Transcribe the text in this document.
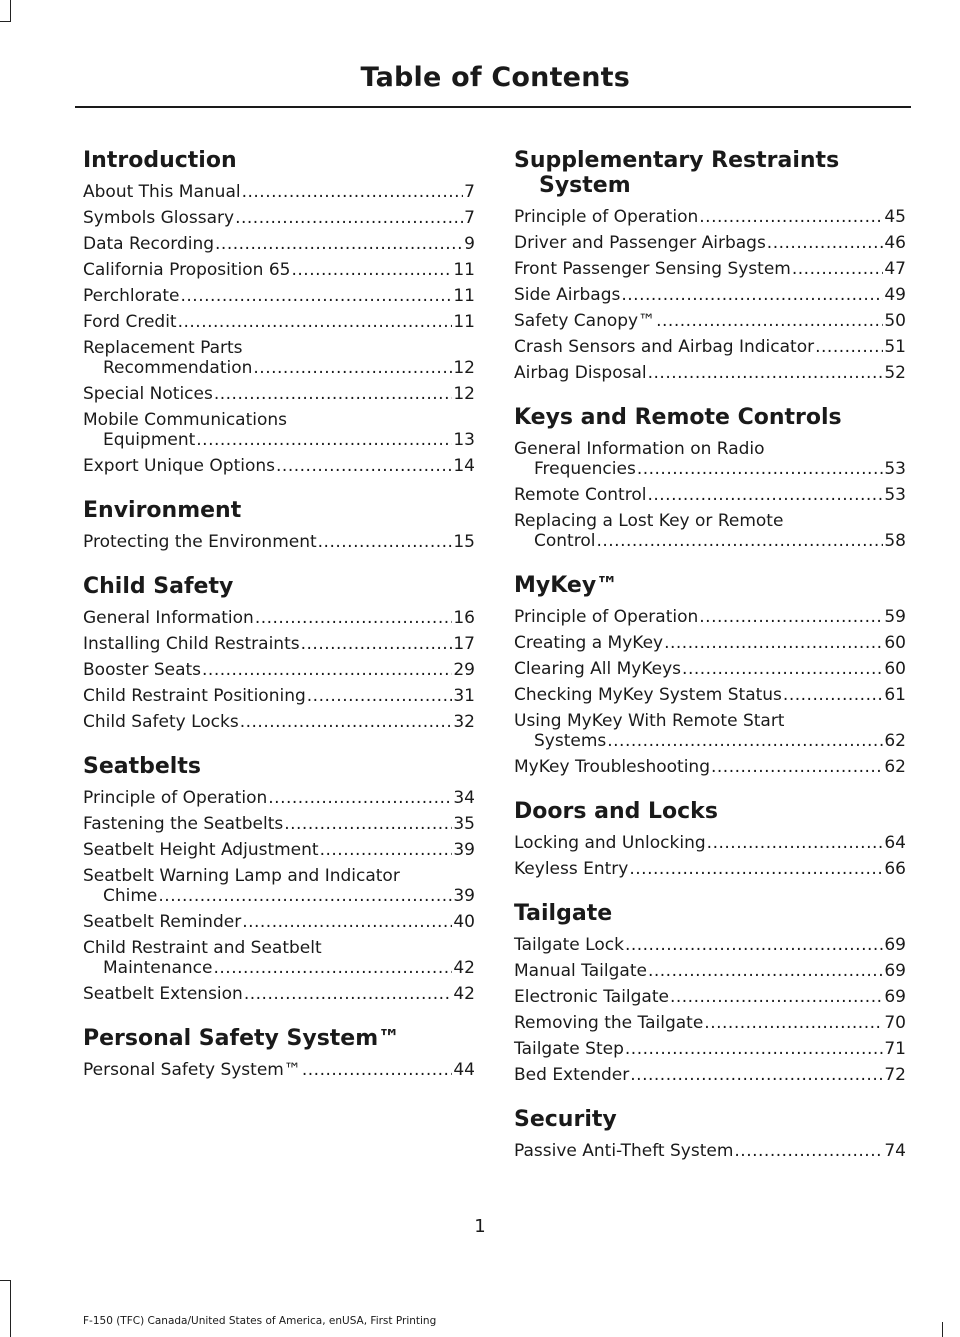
Table of Contents
Introduction
About This Manual .....	7
Symbols Glossary .....	7
Data Recording .....	9
California Proposition 65 .....	11
Perchlorate .....	11
Ford Credit .....	11
Replacement Parts
Recommendation .....	12
Special Notices .....	12
Mobile Communications
Equipment .....	13
Export Unique Options .....	14
Environment
Protecting the Environment .....	15
Child Safety
General Information .....	16
Installing Child Restraints .....	17
Booster Seats .....	29
Child Restraint Positioning .....	31
Child Safety Locks .....	32
Seatbelts
Principle of Operation .....	34
Fastening the Seatbelts .....	35
Seatbelt Height Adjustment .....	39
Seatbelt Warning Lamp and Indicator
Chime .....	39
Seatbelt Reminder .....	40
Child Restraint and Seatbelt
Maintenance .....	42
Seatbelt Extension .....	42
Personal Safety System™
Personal Safety System™ .....	44
Supplementary Restraints System
Principle of Operation .....	45
Driver and Passenger Airbags .....	46
Front Passenger Sensing System .....	47
Side Airbags .....	49
Safety Canopy™ .....	50
Crash Sensors and Airbag Indicator .....	51
Airbag Disposal .....	52
Keys and Remote Controls
General Information on Radio
Frequencies .....	53
Remote Control .....	53
Replacing a Lost Key or Remote
Control .....	58
MyKey™
Principle of Operation .....	59
Creating a MyKey .....	60
Clearing All MyKeys .....	60
Checking MyKey System Status .....	61
Using MyKey With Remote Start
Systems .....	62
MyKey Troubleshooting .....	62
Doors and Locks
Locking and Unlocking .....	64
Keyless Entry .....	66
Tailgate
Tailgate Lock .....	69
Manual Tailgate .....	69
Electronic Tailgate .....	69
Removing the Tailgate .....	70
Tailgate Step .....	71
Bed Extender .....	72
Security
Passive Anti-Theft System .....	74
1
F-150 (TFC) Canada/United States of America, enUSA, First Printing
